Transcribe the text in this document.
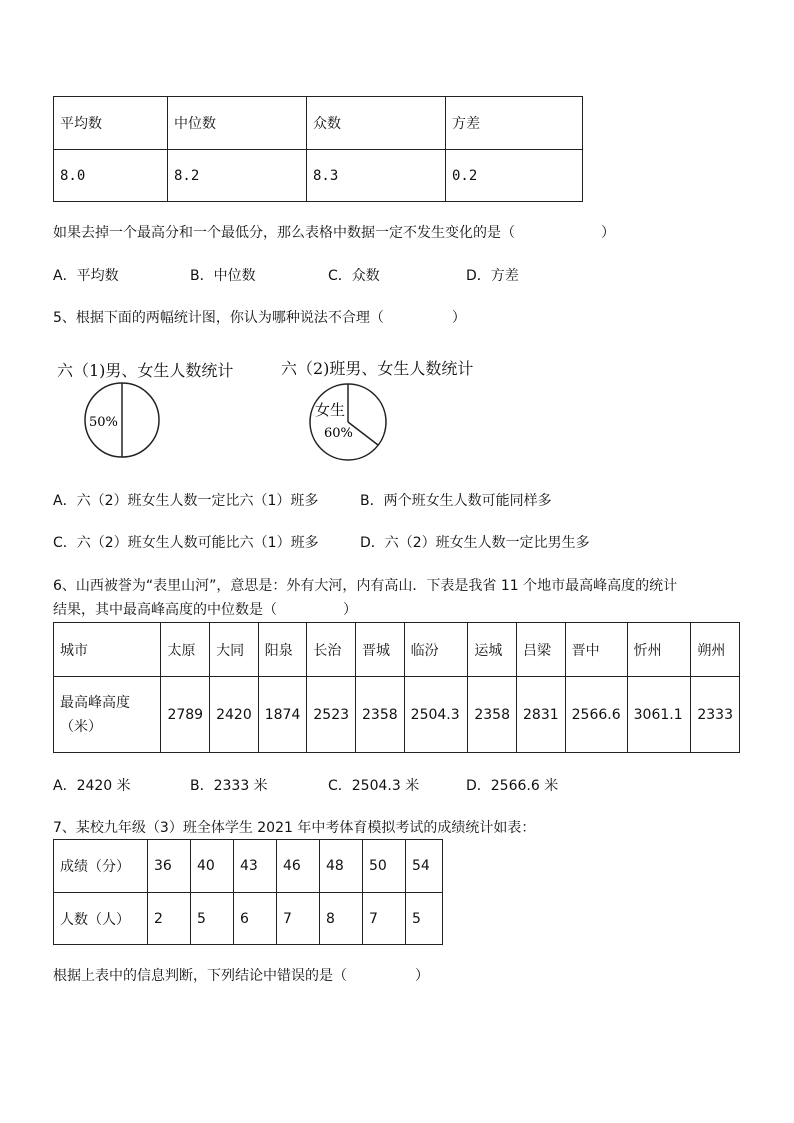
平均数	中位数	众数	方差
8.0	8.2	8.3	0.2
如果去掉一个最高分和一个最低分，那么表格中数据一定不发生变化的是（	）
A．平均数	B．中位数	C．众数	D．方差
5、根据下面的两幅统计图，你认为哪种说法不合理（	）
六（1)男、女生人数统计	六（2)班男、女生人数统计
50%
女生
60%
A．六（2）班女生人数一定比六（1）班多	B．两个班女生人数可能同样多
C．六（2）班女生人数可能比六（1）班多	D．六（2）班女生人数一定比男生多
6、山西被誉为“表里山河”，意思是：外有大河，内有高山．下表是我省 11 个地市最高峰高度的统计
结果，其中最高峰高度的中位数是（	）
城市	太原	大同	阳泉	长治	晋城	临汾	运城	吕梁	晋中	忻州	朔州

最高峰高度
（米）	2789	2420	1874	2523	2358	2504.3	2358	2831	2566.6	3061.1	2333
A．2420 米	B．2333 米	C．2504.3 米	D．2566.6 米
7、某校九年级（3）班全体学生 2021 年中考体育模拟考试的成绩统计如表：
成绩（分）	36	40	43	46	48	50	54
人数（人）	2	5	6	7	8	7	5
根据上表中的信息判断，下列结论中错误的是（	）
